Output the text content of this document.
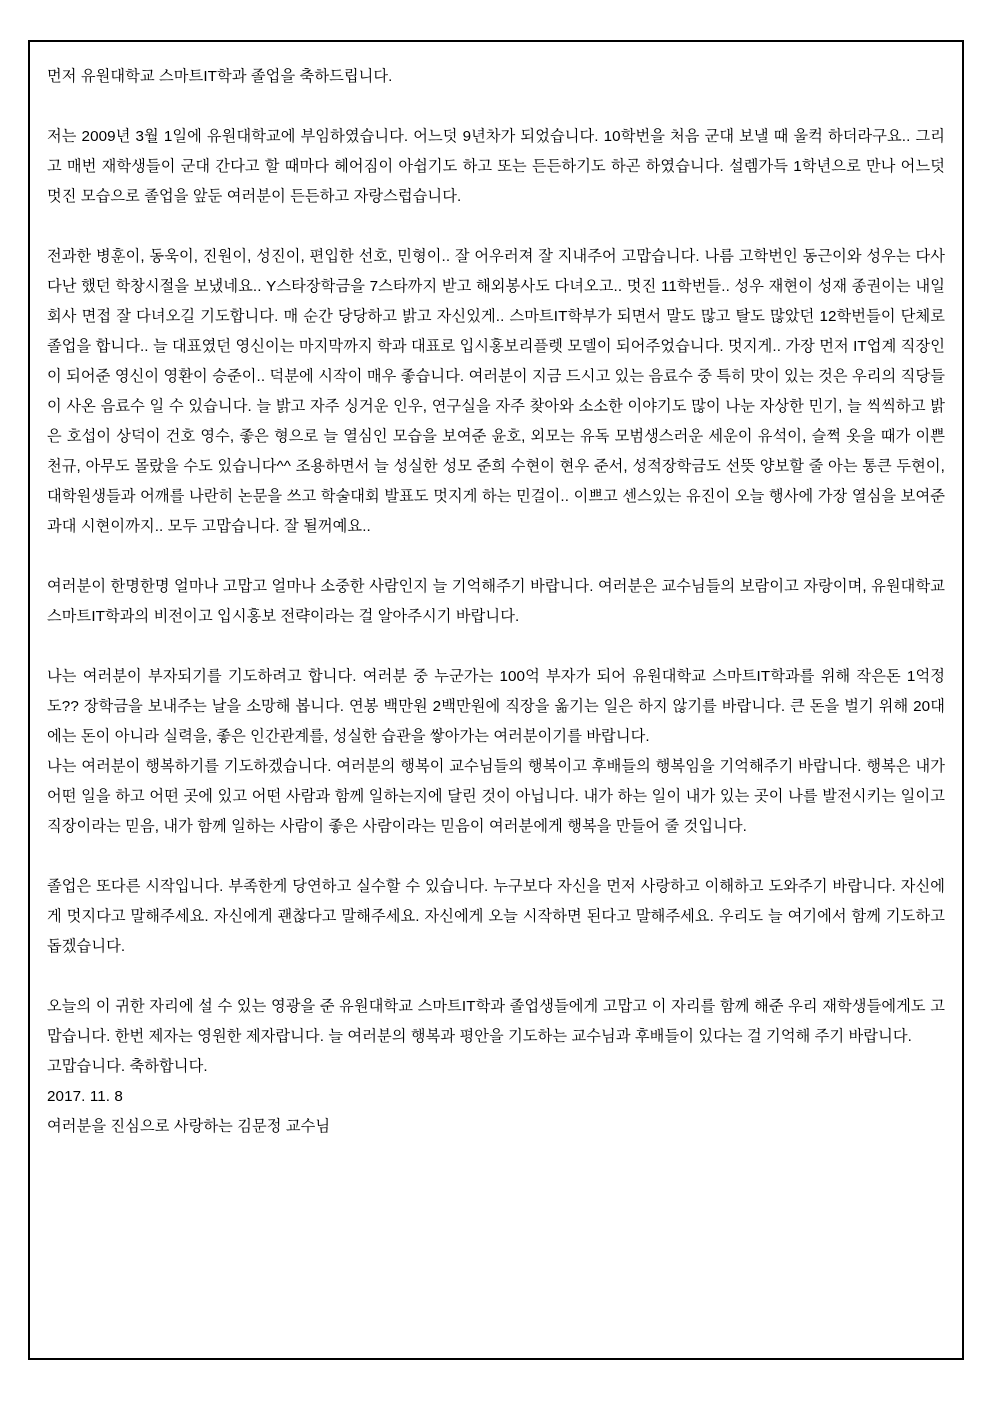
먼저 유원대학교 스마트IT학과 졸업을 축하드립니다.

저는 2009년 3월 1일에 유원대학교에 부임하였습니다. 어느덧 9년차가 되었습니다. 10학번을 처음 군대 보낼 때 울컥 하더라구요.. 그리고 매번 재학생들이 군대 간다고 할 때마다 헤어짐이 아쉽기도 하고 또는 든든하기도 하곤 하였습니다. 설렘가득 1학년으로 만나 어느덧 멋진 모습으로 졸업을 앞둔 여러분이 든든하고 자랑스럽습니다.

전과한 병훈이, 동욱이, 진원이, 성진이, 편입한 선호, 민형이.. 잘 어우러져 잘 지내주어 고맙습니다. 나름 고학번인 동근이와 성우는 다사다난 했던 학창시절을 보냈네요.. Y스타장학금을 7스타까지 받고 해외봉사도 다녀오고.. 멋진 11학번들.. 성우 재현이 성재 종권이는 내일 회사 면접 잘 다녀오길 기도합니다. 매 순간 당당하고 밝고 자신있게.. 스마트IT학부가 되면서 말도 많고 탈도 많았던 12학번들이 단체로 졸업을 합니다.. 늘 대표였던 영신이는 마지막까지 학과 대표로 입시홍보리플렛 모델이 되어주었습니다. 멋지게.. 가장 먼저 IT업계 직장인이 되어준 영신이 영환이 승준이.. 덕분에 시작이 매우 좋습니다. 여러분이 지금 드시고 있는 음료수 중 특히 맛이 있는 것은 우리의 직당들이 사온 음료수 일 수 있습니다. 늘 밝고 자주 싱거운 인우, 연구실을 자주 찾아와 소소한 이야기도 많이 나눈 자상한 민기, 늘 씩씩하고 밝은 호섭이 상덕이 건호 영수, 좋은 형으로 늘 열심인 모습을 보여준 윤호, 외모는 유독 모범생스러운 세운이 유석이, 슬쩍 옷을 때가 이쁜 천규, 아무도 몰랐을 수도 있습니다^^ 조용하면서 늘 성실한 성모 준희 수현이 현우 준서, 성적장학금도 선뜻 양보할 줄 아는 통큰 두현이, 대학원생들과 어깨를 나란히 논문을 쓰고 학술대회 발표도 멋지게 하는 민걸이.. 이쁘고 센스있는 유진이 오늘 행사에 가장 열심을 보여준 과대 시현이까지.. 모두 고맙습니다. 잘 될꺼예요..

여러분이 한명한명 얼마나 고맙고 얼마나 소중한 사람인지 늘 기억해주기 바랍니다. 여러분은 교수님들의 보람이고 자랑이며, 유원대학교 스마트IT학과의 비전이고 입시홍보 전략이라는 걸 알아주시기 바랍니다.

나는 여러분이 부자되기를 기도하려고 합니다. 여러분 중 누군가는 100억 부자가 되어 유원대학교 스마트IT학과를 위해 작은돈 1억정도?? 장학금을 보내주는 날을 소망해 봅니다. 연봉 백만원 2백만원에 직장을 옮기는 일은 하지 않기를 바랍니다. 큰 돈을 벌기 위해 20대에는 돈이 아니라 실력을, 좋은 인간관계를, 성실한 습관을 쌓아가는 여러분이기를 바랍니다.

나는 여러분이 행복하기를 기도하겠습니다. 여러분의 행복이 교수님들의 행복이고 후배들의 행복임을 기억해주기 바랍니다. 행복은 내가 어떤 일을 하고 어떤 곳에 있고 어떤 사람과 함께 일하는지에 달린 것이 아닙니다. 내가 하는 일이 내가 있는 곳이 나를 발전시키는 일이고 직장이라는 믿음, 내가 함께 일하는 사람이 좋은 사람이라는 믿음이 여러분에게 행복을 만들어 줄 것입니다.

졸업은 또다른 시작입니다. 부족한게 당연하고 실수할 수 있습니다. 누구보다 자신을 먼저 사랑하고 이해하고 도와주기 바랍니다. 자신에게 멋지다고 말해주세요. 자신에게 괜찮다고 말해주세요. 자신에게 오늘 시작하면 된다고 말해주세요. 우리도 늘 여기에서 함께 기도하고 돕겠습니다.

오늘의 이 귀한 자리에 설 수 있는 영광을 준 유원대학교 스마트IT학과 졸업생들에게 고맙고 이 자리를 함께 해준 우리 재학생들에게도 고맙습니다. 한번 제자는 영원한 제자랍니다. 늘 여러분의 행복과 평안을 기도하는 교수님과 후배들이 있다는 걸 기억해 주기 바랍니다.

고맙습니다. 축하합니다.

2017. 11. 8

여러분을 진심으로 사랑하는 김문정 교수님
